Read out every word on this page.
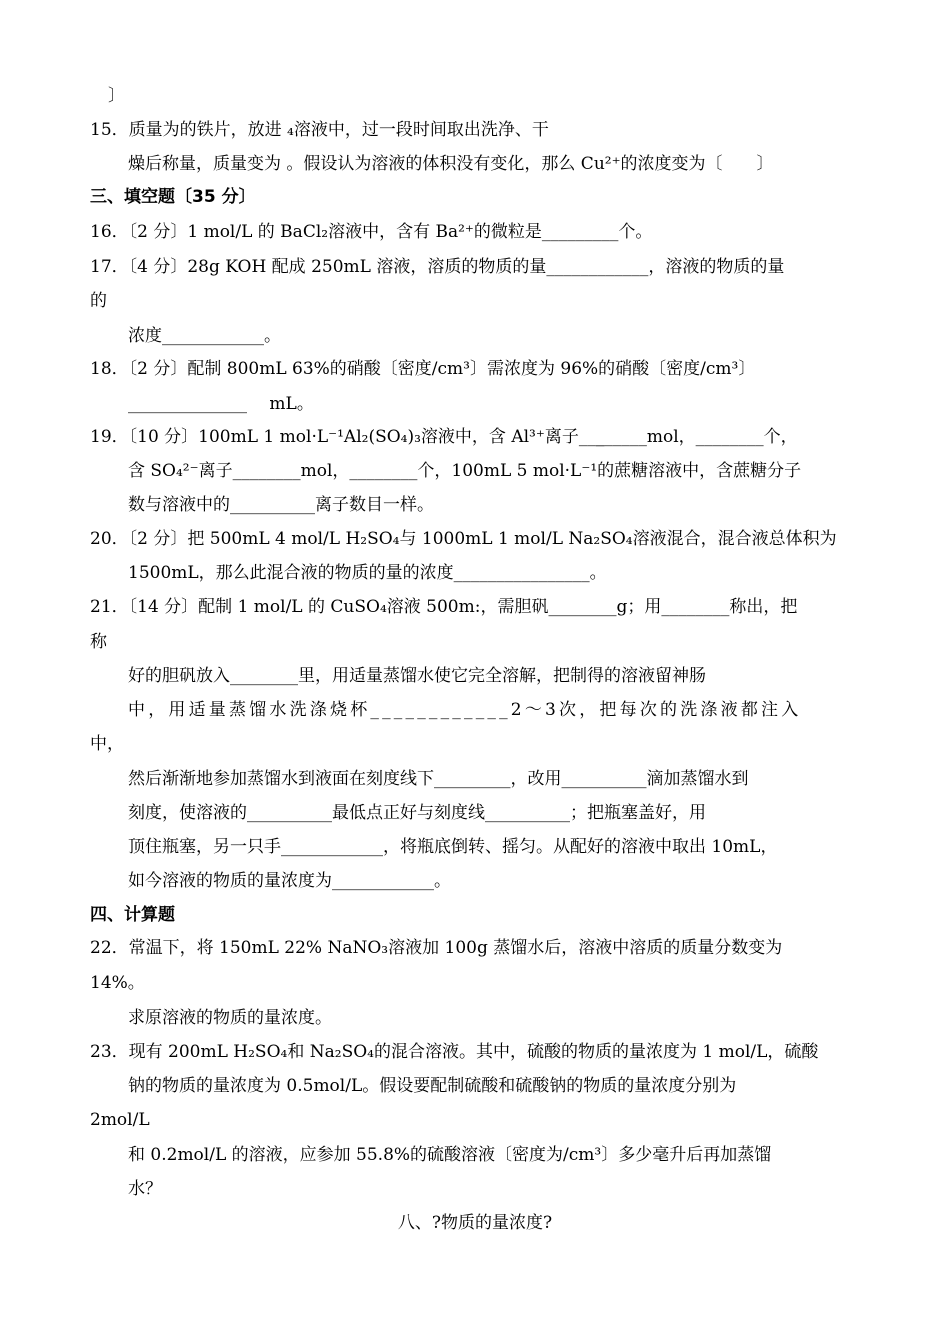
〕
15．质量为的铁片，放进 ₄溶液中，过一段时间取出洗净、干
燥后称量，质量变为 。假设认为溶液的体积没有变化，那么 Cu²⁺的浓度变为〔　　〕
三、填空题〔35 分〕
16．〔2 分〕1 mol/L 的 BaCl₂溶液中，含有 Ba²⁺的微粒是_________个。
17．〔4 分〕28g KOH 配成 250mL 溶液，溶质的物质的量____________，溶液的物质的量
的
浓度____________。
18．〔2 分〕配制 800mL 63%的硝酸〔密度/cm³〕需浓度为 96%的硝酸〔密度/cm³〕
______________　 mL。
19．〔10 分〕100mL 1 mol·L⁻¹Al₂(SO₄)₃溶液中，含 Al³⁺离子___̲_____mol，________个，
含 SO₄²⁻离子________mol，________个，100mL 5 mol·L⁻¹的蔗糖溶液中，含蔗糖分子
数与溶液中的__________离子数目一样。
20．〔2 分〕把 500mL 4 mol/L H₂SO₄与 1000mL 1 mol/L Na₂SO₄溶液混合，混合液总体积为
1500mL，那么此混合液的物质的量的浓度________________。
21．〔14 分〕配制 1 mol/L 的 CuSO₄溶液 500m:，需胆矾________g；用________称出，把
称
好的胆矾放入________里，用适量蒸馏水使它完全溶解，把制得的溶液留神肠
中，用适量蒸馏水洗涤烧杯____________2～3次，把每次的洗涤液都注入
中，
然后渐渐地参加蒸馏水到液面在刻度线下_________，改用__________滴加蒸馏水到
刻度，使溶液的__________最低点正好与刻度线__________；把瓶塞盖好，用
顶住瓶塞，另一只手____________，将瓶底倒转、摇匀。从配好的溶液中取出 10mL，
如今溶液的物质的量浓度为____________。
四、计算题
22．常温下，将 150mL 22% NaNO₃溶液加 100g 蒸馏水后，溶液中溶质的质量分数变为
14%。
求原溶液的物质的量浓度。
23．现有 200mL H₂SO₄和 Na₂SO₄的混合溶液。其中，硫酸的物质的量浓度为 1 mol/L，硫酸
钠的物质的量浓度为 0.5mol/L。假设要配制硫酸和硫酸钠的物质的量浓度分别为
2mol/L
和 0.2mol/L 的溶液，应参加 55.8%的硫酸溶液〔密度为/cm³〕多少毫升后再加蒸馏
水？
八、?物质的量浓度?
